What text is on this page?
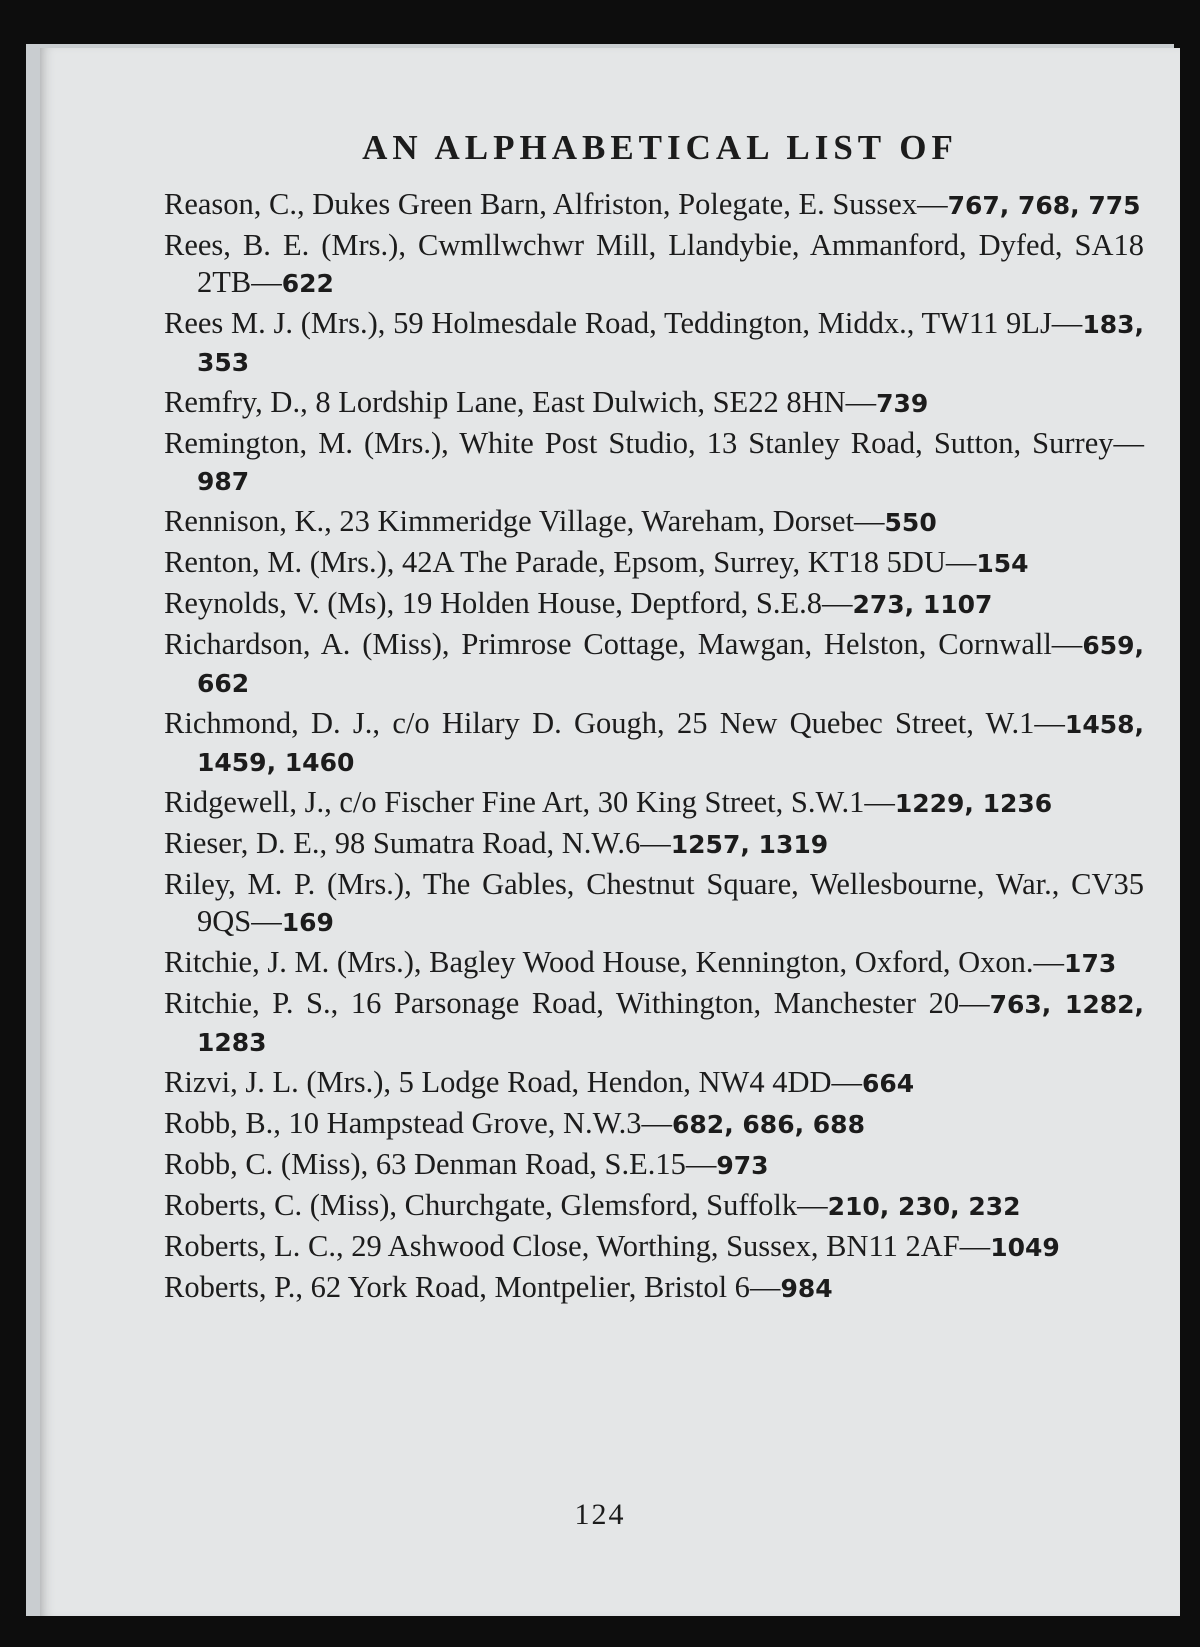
AN ALPHABETICAL LIST OF
Reason, C., Dukes Green Barn, Alfriston, Polegate, E. Sussex—767, 768, 775
Rees, B. E. (Mrs.), Cwmllwchwr Mill, Llandybie, Ammanford, Dyfed, SA18 2TB—622
Rees M. J. (Mrs.), 59 Holmesdale Road, Teddington, Middx., TW11 9LJ—183, 353
Remfry, D., 8 Lordship Lane, East Dulwich, SE22 8HN—739
Remington, M. (Mrs.), White Post Studio, 13 Stanley Road, Sutton, Surrey—987
Rennison, K., 23 Kimmeridge Village, Wareham, Dorset—550
Renton, M. (Mrs.), 42A The Parade, Epsom, Surrey, KT18 5DU—154
Reynolds, V. (Ms), 19 Holden House, Deptford, S.E.8—273, 1107
Richardson, A. (Miss), Primrose Cottage, Mawgan, Helston, Cornwall—659, 662
Richmond, D. J., c/o Hilary D. Gough, 25 New Quebec Street, W.1—1458, 1459, 1460
Ridgewell, J., c/o Fischer Fine Art, 30 King Street, S.W.1—1229, 1236
Rieser, D. E., 98 Sumatra Road, N.W.6—1257, 1319
Riley, M. P. (Mrs.), The Gables, Chestnut Square, Wellesbourne, War., CV35 9QS—169
Ritchie, J. M. (Mrs.), Bagley Wood House, Kennington, Oxford, Oxon.—173
Ritchie, P. S., 16 Parsonage Road, Withington, Manchester 20—763, 1282, 1283
Rizvi, J. L. (Mrs.), 5 Lodge Road, Hendon, NW4 4DD—664
Robb, B., 10 Hampstead Grove, N.W.3—682, 686, 688
Robb, C. (Miss), 63 Denman Road, S.E.15—973
Roberts, C. (Miss), Churchgate, Glemsford, Suffolk—210, 230, 232
Roberts, L. C., 29 Ashwood Close, Worthing, Sussex, BN11 2AF—1049
Roberts, P., 62 York Road, Montpelier, Bristol 6—984
124
